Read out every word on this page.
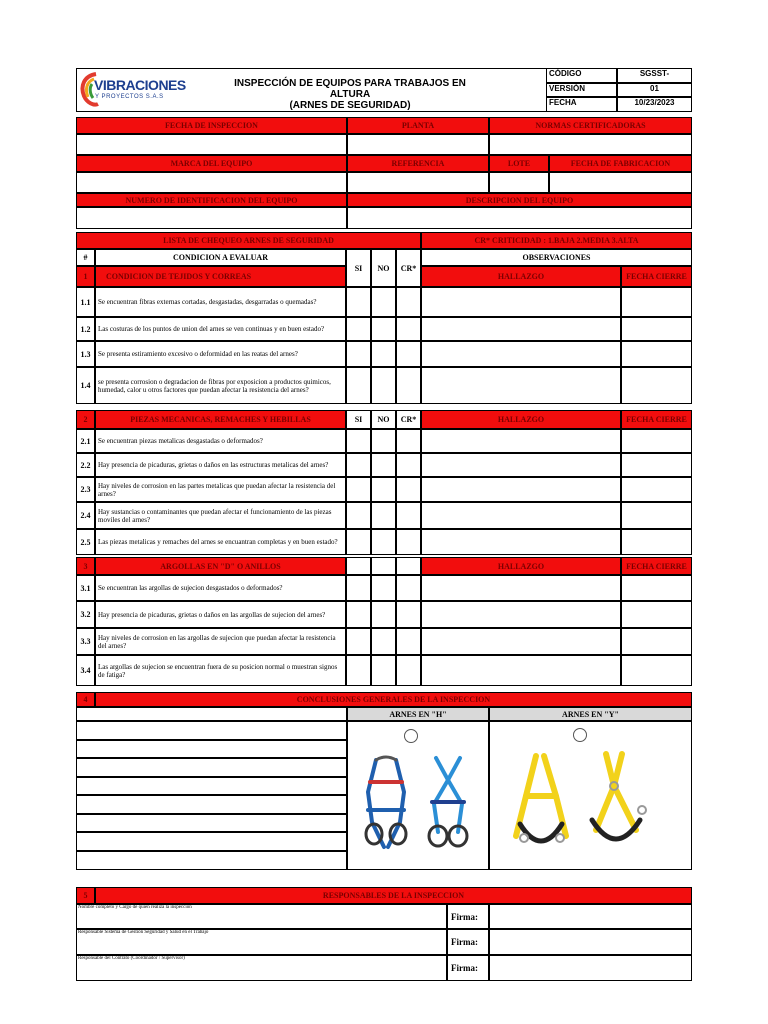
VIBRACIONES
Y PROYECTOS S.A.S
INSPECCIÓN DE EQUIPOS PARA TRABAJOS EN ALTURA
(ARNES DE SEGURIDAD)
CÓDIGO	SGSST-
VERSIÓN	01
FECHA	10/23/2023
FECHA DE INSPECCION	PLANTA	NORMAS CERTIFICADORAS
MARCA DEL EQUIPO	REFERENCIA	LOTE	FECHA DE FABRICACION
NUMERO DE IDENTIFICACION DEL EQUIPO	DESCRIPCION DEL EQUIPO
LISTA DE CHEQUEO ARNES DE SEGURIDAD	CR* CRITICIDAD : 1.BAJA 2.MEDIA 3.ALTA
#	CONDICION A EVALUAR
SI	NO	CR*
OBSERVACIONES
1	CONDICION DE TEJIDOS Y CORREAS	HALLAZGO	FECHA CIERRE
1.1	Se encuentran fibras externas cortadas, desgastadas, desgarradas o quemadas?
1.2	Las costuras de los puntos de union del arnes se ven continuas y en buen estado?
1.3	Se presenta estiramiento excesivo o deformidad en las reatas del arnes?
1.4	se presenta corrosion o degradacion de fibras por exposicion a productos quimicos, humedad, calor u otros factores que puedan afectar la resistencia del arnes?
2	PIEZAS MECANICAS, REMACHES Y HEBILLAS	SI	NO	CR*	HALLAZGO	FECHA CIERRE
2.1	Se encuentran piezas metalicas desgastadas o deformados?
2.2	Hay presencia de picaduras, grietas o daños en las estructuras metalicas del arnes?
2.3	Hay niveles de corrosion en las partes metalicas que puedan afectar la resistencia del arnes?
2.4	Hay sustancias o contaminantes que puedan afectar el funcionamiento de las piezas moviles del arnes?
2.5	Las piezas metalicas y remaches del arnes se encuantran completas y en buen estado?
3	ARGOLLAS EN "D" O ANILLOS	HALLAZGO	FECHA CIERRE
3.1	Se encuentran las argollas de sujecion desgastados o deformados?
3.2	Hay presencia de picaduras, grietas o daños en las argollas de sujecion del arnes?
3.3	Hay niveles de corrosion en las argollas de sujecion que puedan afectar la resistencia del arnes?
3.4	Las argollas de sujecion se encuentran fuera de su posicion normal o muestran signos de fatiga?
4	CONCLUSIONES GENERALES DE LA INSPECCION
ARNES EN "H"	ARNES EN "Y"
5	RESPONSABLES DE LA INSPECCION
Nombre completo y Cargo de quien realiza la inspeccion
Firma:
Responsable Sistema de Gestion Seguridad y Salud en el Trabajo
Firma:
Responsable del Contrato (Coordinador / Supervisor)
Firma:
